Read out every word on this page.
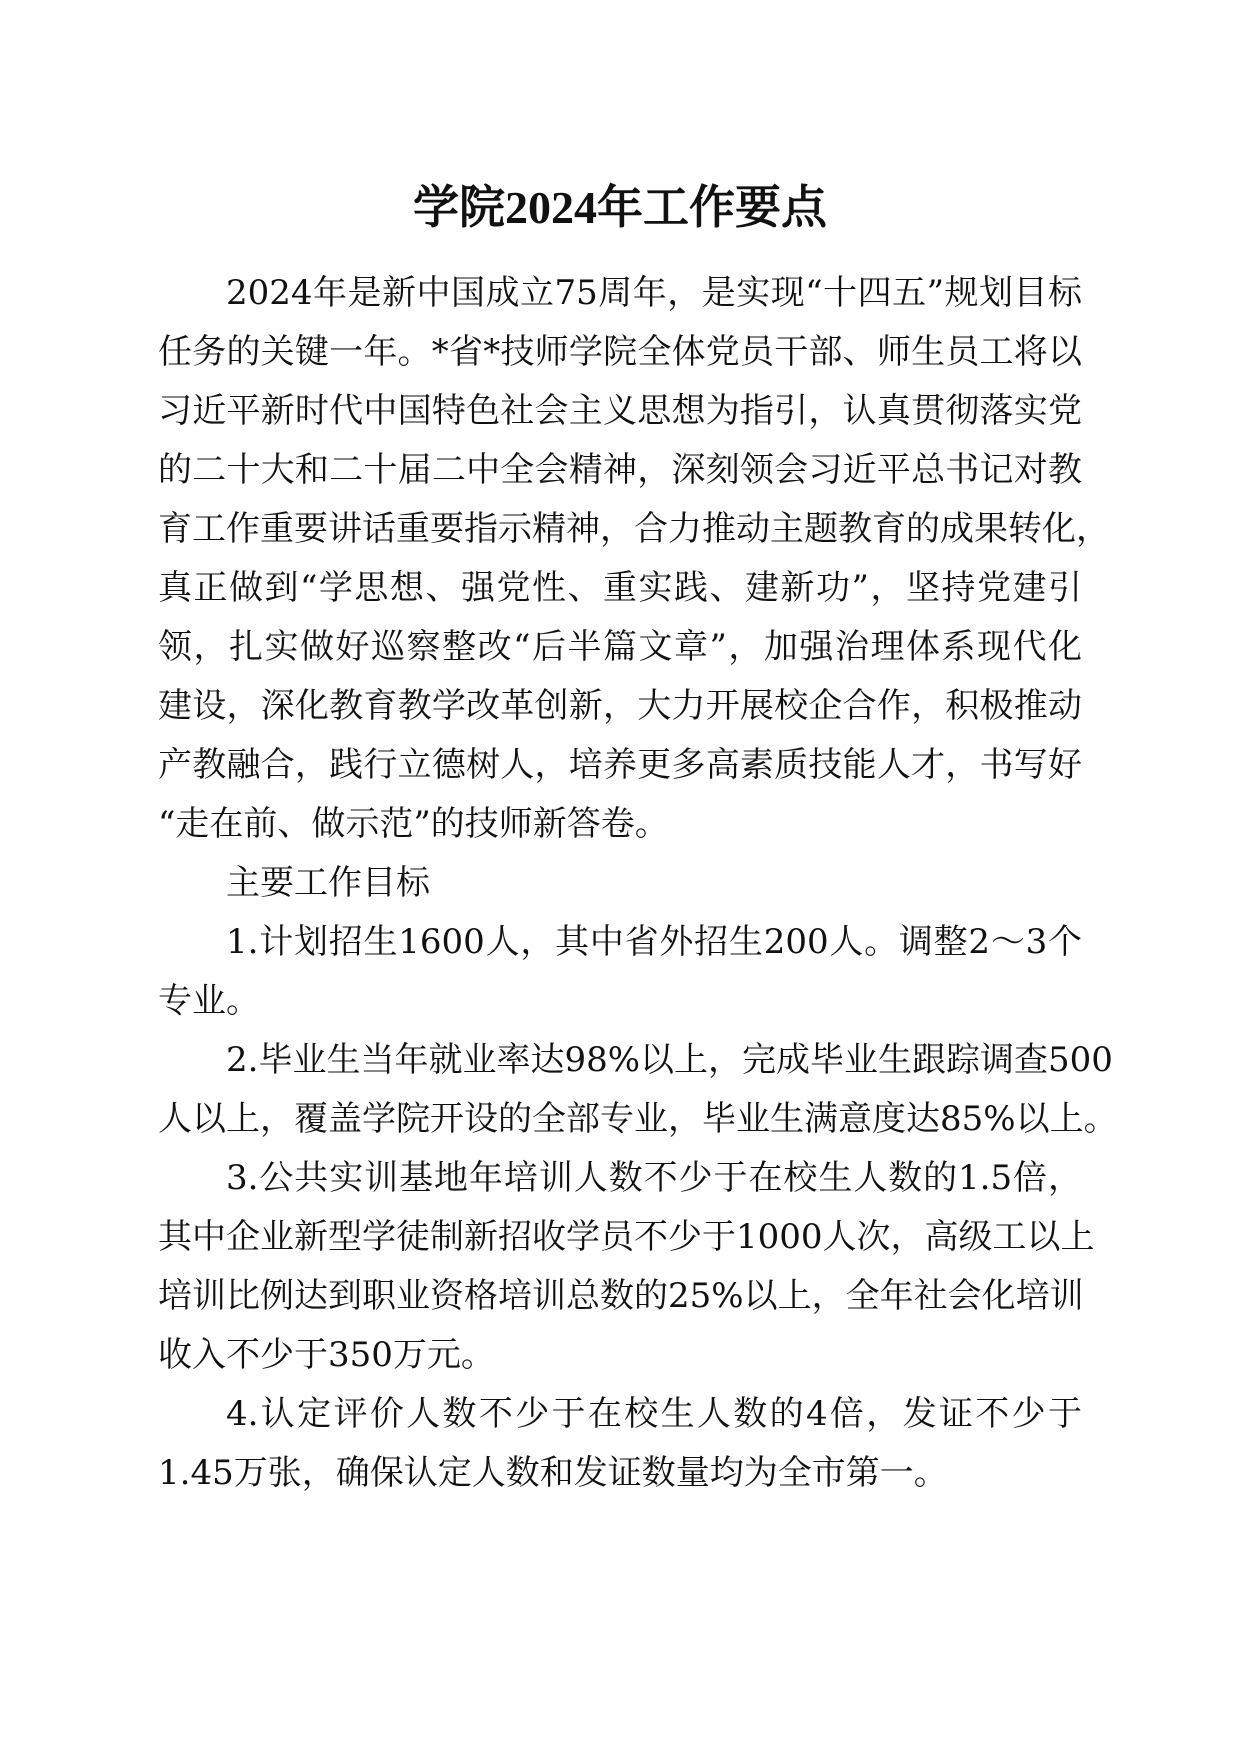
学院2024年工作要点
2024年是新中国成立75周年，是实现“十四五”规划目标
任务的关键一年。*省*技师学院全体党员干部、师生员工将以
习近平新时代中国特色社会主义思想为指引，认真贯彻落实党
的二十大和二十届二中全会精神，深刻领会习近平总书记对教
育工作重要讲话重要指示精神，合力推动主题教育的成果转化，
真正做到“学思想、强党性、重实践、建新功”，坚持党建引
领，扎实做好巡察整改“后半篇文章”，加强治理体系现代化
建设，深化教育教学改革创新，大力开展校企合作，积极推动
产教融合，践行立德树人，培养更多高素质技能人才，书写好
“走在前、做示范”的技师新答卷。
主要工作目标
1.计划招生1600人，其中省外招生200人。调整2～3个
专业。
2.毕业生当年就业率达98%以上，完成毕业生跟踪调查500
人以上，覆盖学院开设的全部专业，毕业生满意度达85%以上。
3.公共实训基地年培训人数不少于在校生人数的1.5倍，
其中企业新型学徒制新招收学员不少于1000人次，高级工以上
培训比例达到职业资格培训总数的25%以上，全年社会化培训
收入不少于350万元。
4.认定评价人数不少于在校生人数的4倍，发证不少于
1.45万张，确保认定人数和发证数量均为全市第一。
